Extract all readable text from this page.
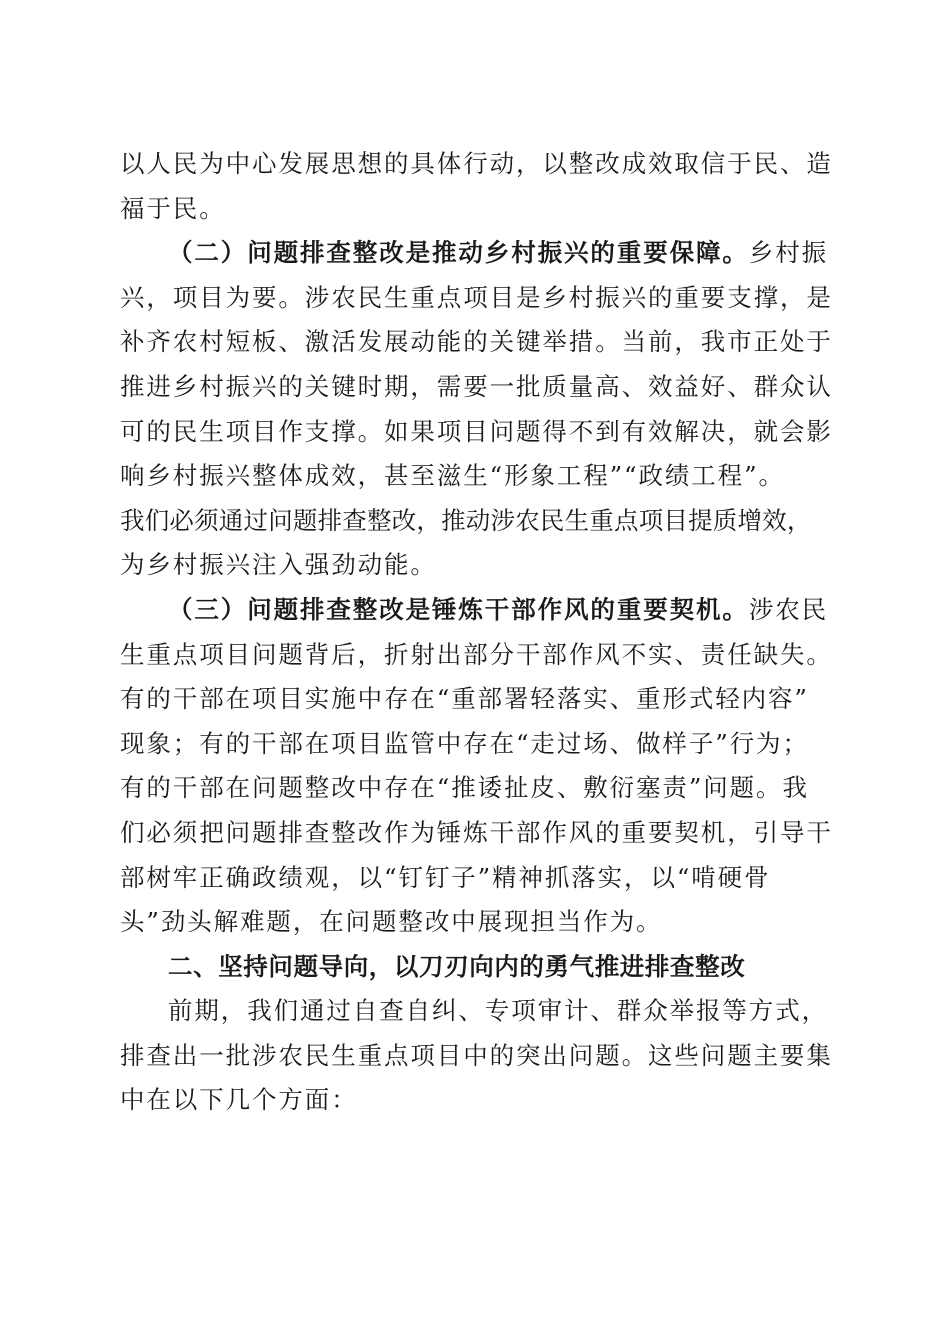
以人民为中心发展思想的具体行动，以整改成效取信于民、造
福于民。
（二）问题排查整改是推动乡村振兴的重要保障。乡村振
兴，项目为要。涉农民生重点项目是乡村振兴的重要支撑，是
补齐农村短板、激活发展动能的关键举措。当前，我市正处于
推进乡村振兴的关键时期，需要一批质量高、效益好、群众认
可的民生项目作支撑。如果项目问题得不到有效解决，就会影
响乡村振兴整体成效，甚至滋生“形象工程”“政绩工程”。
我们必须通过问题排查整改，推动涉农民生重点项目提质增效，
为乡村振兴注入强劲动能。
（三）问题排查整改是锤炼干部作风的重要契机。涉农民
生重点项目问题背后，折射出部分干部作风不实、责任缺失。
有的干部在项目实施中存在“重部署轻落实、重形式轻内容”
现象；有的干部在项目监管中存在“走过场、做样子”行为；
有的干部在问题整改中存在“推诿扯皮、敷衍塞责”问题。我
们必须把问题排查整改作为锤炼干部作风的重要契机，引导干
部树牢正确政绩观，以“钉钉子”精神抓落实，以“啃硬骨
头”劲头解难题，在问题整改中展现担当作为。
二、坚持问题导向，以刀刃向内的勇气推进排查整改
前期，我们通过自查自纠、专项审计、群众举报等方式，
排查出一批涉农民生重点项目中的突出问题。这些问题主要集
中在以下几个方面：
